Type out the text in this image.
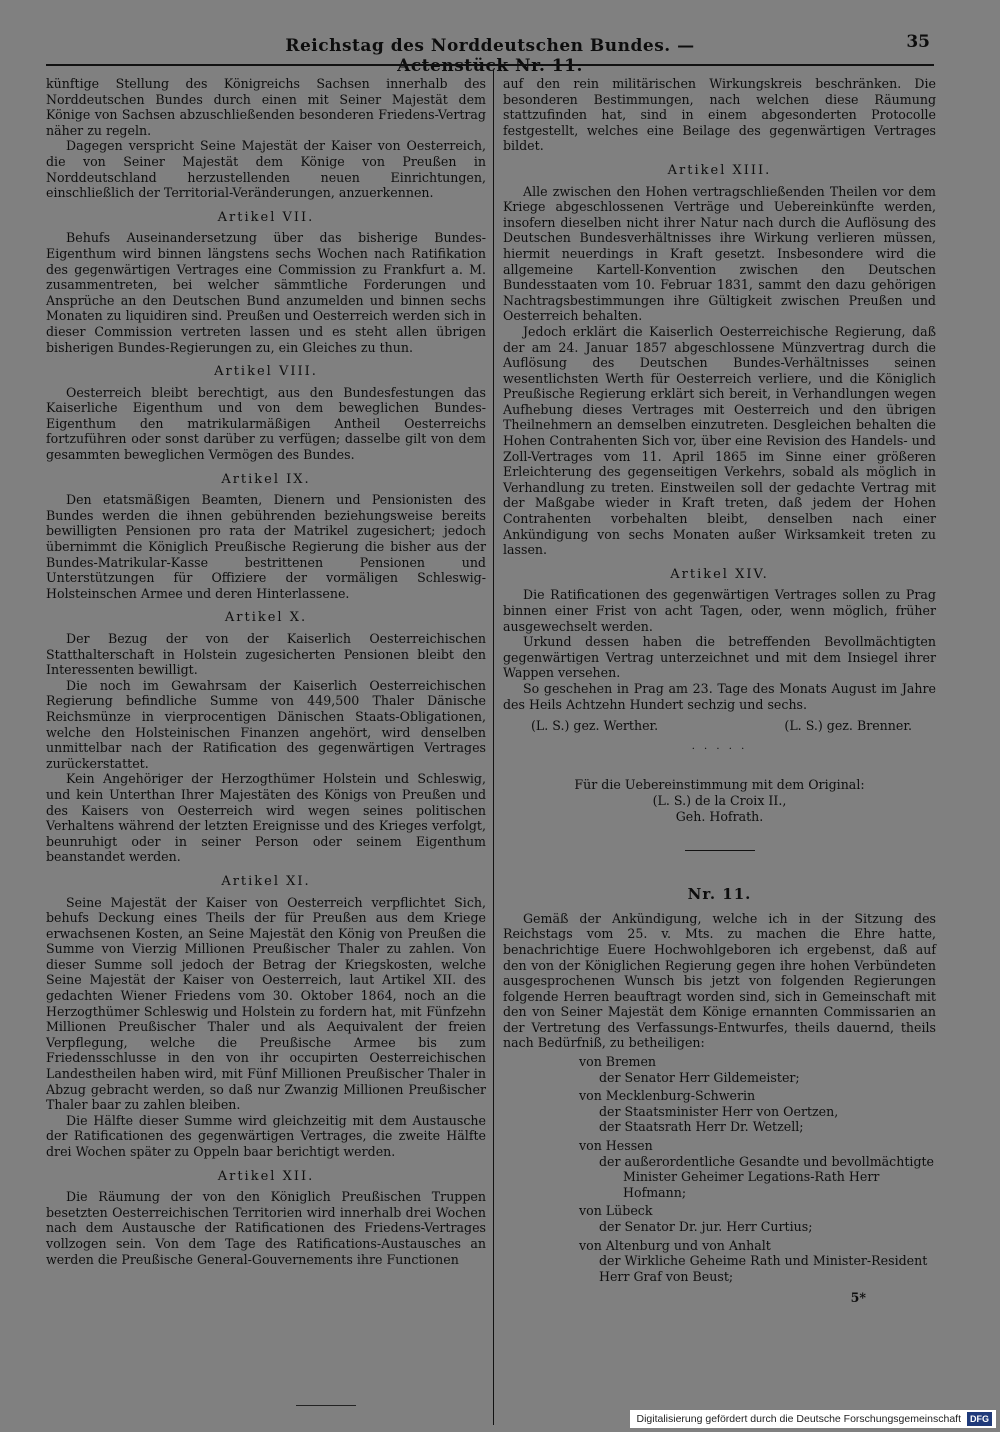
Reichstag des Norddeutschen Bundes. — Actenstück Nr. 11.
35

künftige Stellung des Königreichs Sachsen innerhalb des Norddeutschen Bundes durch einen mit Seiner Majestät dem Könige von Sachsen abzuschließenden besonderen Friedens-Vertrag näher zu regeln.

Dagegen verspricht Seine Majestät der Kaiser von Oesterreich, die von Seiner Majestät dem Könige von Preußen in Norddeutschland herzustellenden neuen Einrichtungen, einschließlich der Territorial-Veränderungen, anzuerkennen.

Artikel VII.

Behufs Auseinandersetzung über das bisherige Bundes-Eigenthum wird binnen längstens sechs Wochen nach Ratifikation des gegenwärtigen Vertrages eine Commission zu Frankfurt a. M. zusammentreten, bei welcher sämmtliche Forderungen und Ansprüche an den Deutschen Bund anzumelden und binnen sechs Monaten zu liquidiren sind. Preußen und Oesterreich werden sich in dieser Commission vertreten lassen und es steht allen übrigen bisherigen Bundes-Regierungen zu, ein Gleiches zu thun.

Artikel VIII.

Oesterreich bleibt berechtigt, aus den Bundesfestungen das Kaiserliche Eigenthum und von dem beweglichen Bundes-Eigenthum den matrikularmäßigen Antheil Oesterreichs fortzuführen oder sonst darüber zu verfügen; dasselbe gilt von dem gesammten beweglichen Vermögen des Bundes.

Artikel IX.

Den etatsmäßigen Beamten, Dienern und Pensionisten des Bundes werden die ihnen gebührenden beziehungsweise bereits bewilligten Pensionen pro rata der Matrikel zugesichert; jedoch übernimmt die Königlich Preußische Regierung die bisher aus der Bundes-Matrikular-Kasse bestrittenen Pensionen und Unterstützungen für Offiziere der vormäligen Schleswig-Holsteinschen Armee und deren Hinterlassene.

Artikel X.

Der Bezug der von der Kaiserlich Oesterreichischen Statthalterschaft in Holstein zugesicherten Pensionen bleibt den Interessenten bewilligt.

Die noch im Gewahrsam der Kaiserlich Oesterreichischen Regierung befindliche Summe von 449,500 Thaler Dänische Reichsmünze in vierprocentigen Dänischen Staats-Obligationen, welche den Holsteinischen Finanzen angehört, wird denselben unmittelbar nach der Ratification des gegenwärtigen Vertrages zurückerstattet.

Kein Angehöriger der Herzogthümer Holstein und Schleswig, und kein Unterthan Ihrer Majestäten des Königs von Preußen und des Kaisers von Oesterreich wird wegen seines politischen Verhaltens während der letzten Ereignisse und des Krieges verfolgt, beunruhigt oder in seiner Person oder seinem Eigenthum beanstandet werden.

Artikel XI.

Seine Majestät der Kaiser von Oesterreich verpflichtet Sich, behufs Deckung eines Theils der für Preußen aus dem Kriege erwachsenen Kosten, an Seine Majestät den König von Preußen die Summe von Vierzig Millionen Preußischer Thaler zu zahlen. Von dieser Summe soll jedoch der Betrag der Kriegskosten, welche Seine Majestät der Kaiser von Oesterreich, laut Artikel XII. des gedachten Wiener Friedens vom 30. Oktober 1864, noch an die Herzogthümer Schleswig und Holstein zu fordern hat, mit Fünfzehn Millionen Preußischer Thaler und als Aequivalent der freien Verpflegung, welche die Preußische Armee bis zum Friedensschlusse in den von ihr occupirten Oesterreichischen Landestheilen haben wird, mit Fünf Millionen Preußischer Thaler in Abzug gebracht werden, so daß nur Zwanzig Millionen Preußischer Thaler baar zu zahlen bleiben.

Die Hälfte dieser Summe wird gleichzeitig mit dem Austausche der Ratificationen des gegenwärtigen Vertrages, die zweite Hälfte drei Wochen später zu Oppeln baar berichtigt werden.

Artikel XII.

Die Räumung der von den Königlich Preußischen Truppen besetzten Oesterreichischen Territorien wird innerhalb drei Wochen nach dem Austausche der Ratificationen des Friedens-Vertrages vollzogen sein. Von dem Tage des Ratifications-Austausches an werden die Preußische General-Gouvernements ihre Functionen

auf den rein militärischen Wirkungskreis beschränken. Die besonderen Bestimmungen, nach welchen diese Räumung stattzufinden hat, sind in einem abgesonderten Protocolle festgestellt, welches eine Beilage des gegenwärtigen Vertrages bildet.

Artikel XIII.

Alle zwischen den Hohen vertragschließenden Theilen vor dem Kriege abgeschlossenen Verträge und Uebereinkünfte werden, insofern dieselben nicht ihrer Natur nach durch die Auflösung des Deutschen Bundesverhältnisses ihre Wirkung verlieren müssen, hiermit neuerdings in Kraft gesetzt. Insbesondere wird die allgemeine Kartell-Konvention zwischen den Deutschen Bundesstaaten vom 10. Februar 1831, sammt den dazu gehörigen Nachtragsbestimmungen ihre Gültigkeit zwischen Preußen und Oesterreich behalten.

Jedoch erklärt die Kaiserlich Oesterreichische Regierung, daß der am 24. Januar 1857 abgeschlossene Münzvertrag durch die Auflösung des Deutschen Bundes-Verhältnisses seinen wesentlichsten Werth für Oesterreich verliere, und die Königlich Preußische Regierung erklärt sich bereit, in Verhandlungen wegen Aufhebung dieses Vertrages mit Oesterreich und den übrigen Theilnehmern an demselben einzutreten. Desgleichen behalten die Hohen Contrahenten Sich vor, über eine Revision des Handels- und Zoll-Vertrages vom 11. April 1865 im Sinne einer größeren Erleichterung des gegenseitigen Verkehrs, sobald als möglich in Verhandlung zu treten. Einstweilen soll der gedachte Vertrag mit der Maßgabe wieder in Kraft treten, daß jedem der Hohen Contrahenten vorbehalten bleibt, denselben nach einer Ankündigung von sechs Monaten außer Wirksamkeit treten zu lassen.

Artikel XIV.

Die Ratificationen des gegenwärtigen Vertrages sollen zu Prag binnen einer Frist von acht Tagen, oder, wenn möglich, früher ausgewechselt werden.

Urkund dessen haben die betreffenden Bevollmächtigten gegenwärtigen Vertrag unterzeichnet und mit dem Insiegel ihrer Wappen versehen.

So geschehen in Prag am 23. Tage des Monats August im Jahre des Heils Achtzehn Hundert sechzig und sechs.

(L. S.) gez. Werther.	(L. S.) gez. Brenner.
· · · · ·
Für die Uebereinstimmung mit dem Original:
(L. S.) de la Croix II.,
Geh. Hofrath.
Nr. 11.

Gemäß der Ankündigung, welche ich in der Sitzung des Reichstags vom 25. v. Mts. zu machen die Ehre hatte, benachrichtige Euere Hochwohlgeboren ich ergebenst, daß auf den von der Königlichen Regierung gegen ihre hohen Verbündeten ausgesprochenen Wunsch bis jetzt von folgenden Regierungen folgende Herren beauftragt worden sind, sich in Gemeinschaft mit den von Seiner Majestät dem Könige ernannten Commissarien an der Vertretung des Verfassungs-Entwurfes, theils dauernd, theils nach Bedürfniß, zu betheiligen:

von Bremen
der Senator Herr Gildemeister;
von Mecklenburg-Schwerin
der Staatsminister Herr von Oertzen,
der Staatsrath Herr Dr. Wetzell;
von Hessen
der außerordentliche Gesandte und bevollmächtigte
Minister Geheimer Legations-Rath Herr
Hofmann;
von Lübeck
der Senator Dr. jur. Herr Curtius;
von Altenburg und von Anhalt
der Wirkliche Geheime Rath und Minister-Resident
Herr Graf von Beust;
5*
Digitalisierung gefördert durch die Deutsche Forschungsgemeinschaft	DFG
